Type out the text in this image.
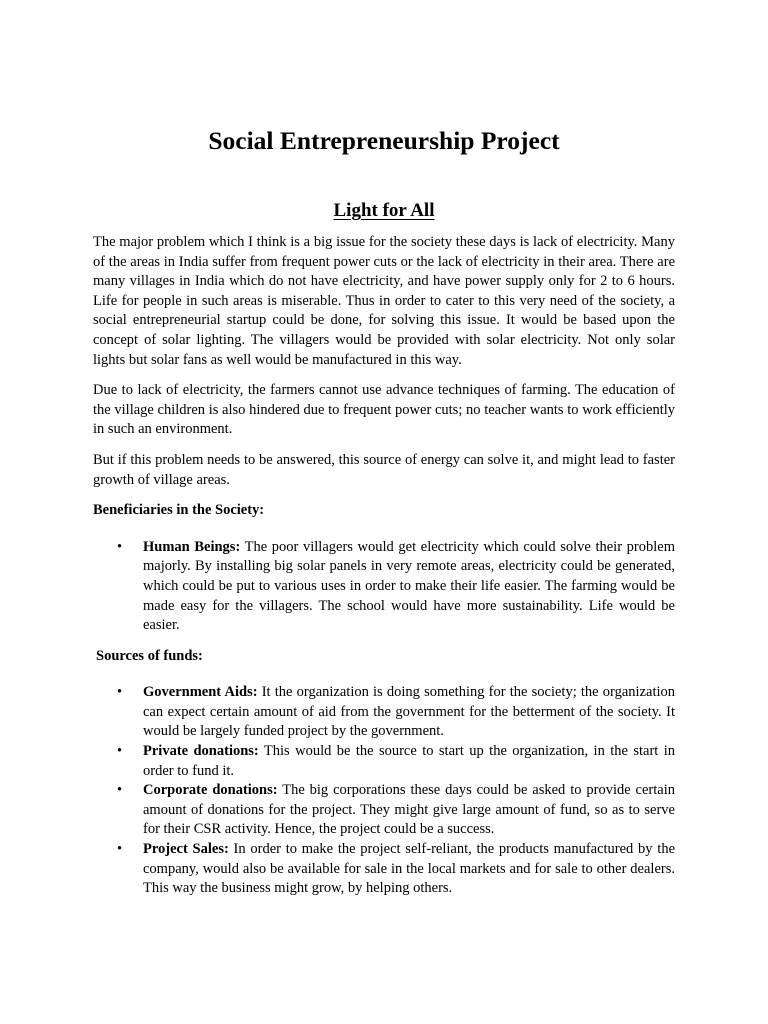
Social Entrepreneurship Project
Light for All

The major problem which I think is a big issue for the society these days is lack of electricity. Many of the areas in India suffer from frequent power cuts or the lack of electricity in their area. There are many villages in India which do not have electricity, and have power supply only for 2 to 6 hours. Life for people in such areas is miserable. Thus in order to cater to this very need of the society, a social entrepreneurial startup could be done, for solving this issue. It would be based upon the concept of solar lighting. The villagers would be provided with solar electricity. Not only solar lights but solar fans as well would be manufactured in this way.

Due to lack of electricity, the farmers cannot use advance techniques of farming. The education of the village children is also hindered due to frequent power cuts; no teacher wants to work efficiently in such an environment.

But if this problem needs to be answered, this source of energy can solve it, and might lead to faster growth of village areas.

Beneficiaries in the Society:
• Human Beings: The poor villagers would get electricity which could solve their problem majorly. By installing big solar panels in very remote areas, electricity could be generated, which could be put to various uses in order to make their life easier. The farming would be made easy for the villagers. The school would have more sustainability. Life would be easier.
Sources of funds:
• Government Aids: It the organization is doing something for the society; the organization can expect certain amount of aid from the government for the betterment of the society. It would be largely funded project by the government.
• Private donations: This would be the source to start up the organization, in the start in order to fund it.
• Corporate donations: The big corporations these days could be asked to provide certain amount of donations for the project. They might give large amount of fund, so as to serve for their CSR activity. Hence, the project could be a success.
• Project Sales: In order to make the project self-reliant, the products manufactured by the company, would also be available for sale in the local markets and for sale to other dealers. This way the business might grow, by helping others.
